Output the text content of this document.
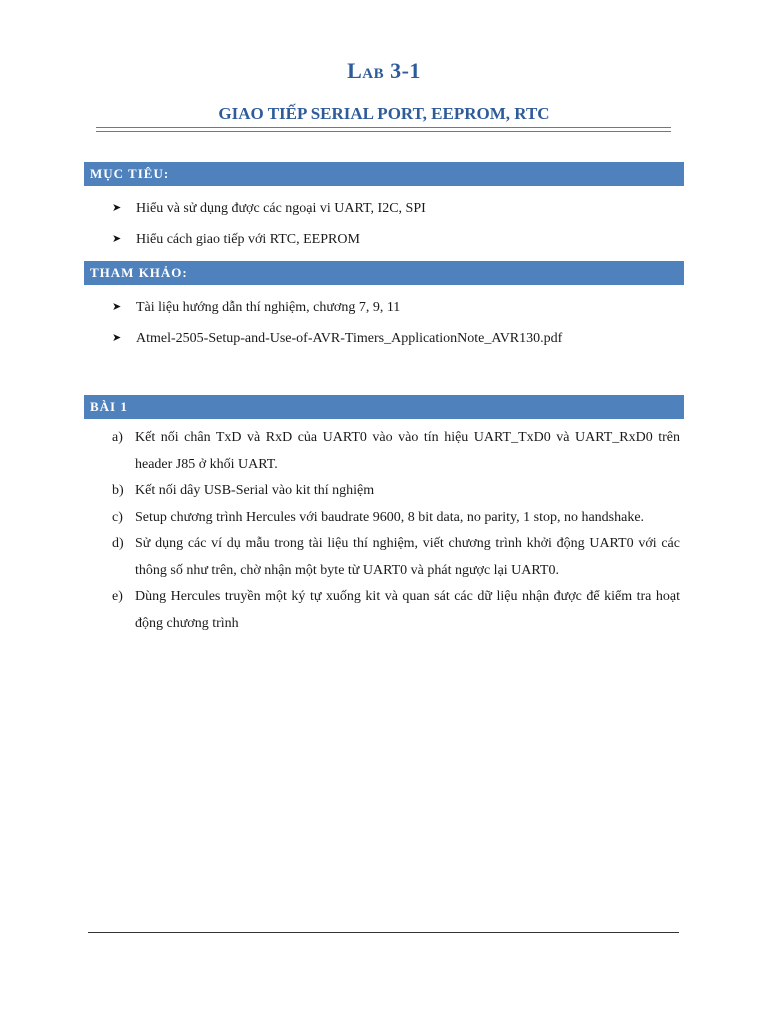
Lab 3-1
GIAO TIẾP SERIAL PORT, EEPROM, RTC
MỤC TIÊU:
➤ Hiểu và sử dụng được các ngoại vi UART, I2C, SPI
➤ Hiểu cách giao tiếp với RTC, EEPROM
THAM KHẢO:
➤ Tài liệu hướng dẫn thí nghiệm, chương 7, 9, 11
➤ Atmel-2505-Setup-and-Use-of-AVR-Timers_ApplicationNote_AVR130.pdf
BÀI 1
a) Kết nối chân TxD và RxD của UART0 vào vào tín hiệu UART_TxD0 và UART_RxD0 trên header J85 ở khối UART.
b) Kết nối dây USB-Serial vào kit thí nghiệm
c) Setup chương trình Hercules với baudrate 9600, 8 bit data, no parity, 1 stop, no handshake.
d) Sử dụng các ví dụ mẫu trong tài liệu thí nghiệm, viết chương trình khởi động UART0 với các thông số như trên, chờ nhận một byte từ UART0 và phát ngược lại UART0.
e) Dùng Hercules truyền một ký tự xuống kit và quan sát các dữ liệu nhận được để kiểm tra hoạt động chương trình
